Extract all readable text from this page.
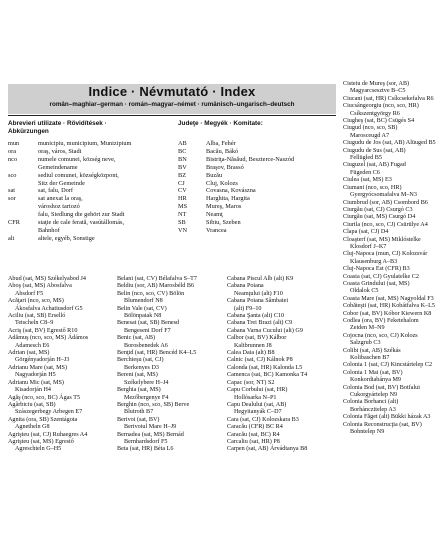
Indice · Névmutató · Index
român–maghiar–german · román–magyar–német · rumänisch–ungarisch–deutsch
Abrevieri utilizate · Rövidítések ·
Abkürzungen
mun	municipiu, municipium, Munizipium
ora	oraş, város, Stadt
nco	numele comunei, község neve,
Gemeindename
sco	sediul comunei, községközpont,
Sitz der Gemeinde
sat	sat, falu, Dorf
sor	sat anexat la oraş,
városhoz tartozó
falu, Siedlung die gehört zur Stadt
CFR	staţie de cale ferată, vasútállomás,
Bahnhof
alt	altele, egyéb, Sonstige
Judeţe · Megyék · Komitate:
AB	Alba, Fehér
BC	Bacău, Bákó
BN	Bistriţa-Năsăud, Beszterce-Naszód
BV	Braşov, Brassó
BZ	Buzău
CJ	Cluj, Kolozs
CV	Covasna, Kovászna
HR	Harghita, Hargita
MS	Mureş, Maros
NT	Neamţ
SB	Sibiu, Szeben
VN	Vrancea
Abud (sat, MS) Székelyabod J4
Aboş (sat, MS) Abosfalva
Absdorf F5
Acăţari (nco, sco, MS)
Ákosfalva Achatiusdorf G5
Aciliu (sat, SB) Erselló
Tetscheln C8–9
Acriş (sat, BV) Egrestő R10
Adămuş (nco, sco, MS) Ádámos
Adamesch E6
Adrian (sat, MS)
Görgényadorján H–J3
Adrianu Mare (sat, MS)
Nagyadorján H5
Adrianu Mic (sat, MS)
Kisadorján H4
Agăş (nco, sco, BC) Ágas T5
Agârbiciu (sat, SB)
Szászegerbegy Arbegen E7
Agnita (ora, SB) Szentágota
Agnetheln G8
Agrişteu (sat, CJ) Ruhaegres A4
Agrişteu (sat, MS) Egrestő
Agreschteln G–H5
Belani (sat, CV) Bélafalva S–T7
Beldiu (sor, AB) Marosbéld B6
Belin (nco, sco, CV) Bölön
Blumendorf N8
Belin Vale (sat, CV)
Bölönpatak N8
Benesat (sat, SB) Benesd
Bengeseni Dorf F7
Benic (sat, AB)
Borosbenedek A6
Benţid (sat, HR) Bencéd K4–L5
Berchieşu (sat, CJ)
Berkenyes D3
Bereni (sat, MS)
Székelybere H–J4
Berghia (sat, MS)
Mezőbergenye F4
Berghin (nco, sco, SB) Berve
Blutroth B7
Berivoi (sat, BV)
Berivoiul Mare H–J9
Bernadea (sat, MS) Bernád
Bernhardsdorf F5
Beta (sat, HR) Béta L6
Cabana Piscul Alb (alt) K9
Cabana Poiana
Neamţului (alt) F10
Cabana Poiana Sâmbatei
(alt) F9–10
Cabana Şanta (alt) C10
Cabana Trei Brazi (alt) C9
Cabana Varna Cucului (alt) G9
Calbor (sat, BV) Kálbor
Kaltbrunnen J8
Calea Daia (alt) B8
Calnic (sat, CJ) Kálnok P8
Calonda (sat, HR) Kalonda L5
Camenca (sat, BC) Kamonka T4
Capac (sor, NT) S2
Capu Corbului (sat, HR)
Hollósarka N–P1
Capu Dealului (sat, AB)
Hegyitanyák C–D7
Cara (sat, CJ) Kolozskara B3
Caracău (CFR) BC R4
Caracău (sat, BC) R4
Carcaliu (sat, HR) P8
Carpen (sat, AB) Árvádtanya B8
Cisteiu de Mureş (sor, AB)
Magyarcsesztve B–C5
Ciucani (sat, HR) Csíkcsekefalva R6
Ciucsângeorgiu (nco, sco, HR)
Csíkszentgyörgy R6
Ciugheş (sat, BC) Csügés S4
Ciugud (nco, sco, SB)
Marosceugd A7
Ciugudu de Jos (sat, AB) Alüuged B5
Ciugudu de Sus (sat, AB)
Fellügled B5
Ciuguzel (sat, AB) Fugad
Fügeden C6
Ciulea (sat, MS) E3
Ciumani (nco, sco, HR)
Gyergyócsomafalva M–N3
Ciumbrud (sor, AB) Csombord B6
Ciurgău (sat, CJ) Csurgó C3
Ciurgău (sat, MS) Csurgó D4
Ciurila (nco, sco, CJ) Csürülye A4
Clapa (sat, CJ) D4
Cloaşterf (sat, MS) Miklóstelke
Klosdorf J–K7
Cluj-Napoca (mun, CJ) Kolozsvár
Klausenburg A–B3
Cluj-Napoca Est (CFR) B3
Coasta (sat, CJ) Gyulatelke C2
Coasta Grindului (sat, MS)
Oldalok C5
Coasta Mare (sat, MS) Nagyoldal F3
Cobăteşti (sat, HR) Kobátfalva K–L5
Cobor (sat, BV) Kóbor Kiewern K8
Codlea (ora, BV) Feketehalom
Zeiden M–N9
Cojocna (nco, sco, CJ) Kolozs
Salzgrub C3
Colibi (sat, AB) Székás
Kolibaschen B7
Colonia 1 (sat, CJ) Kincstártelep C2
Colonia 1 Mai (sat, BV)
Konkordiabánya M9
Colonia Bod (sat, BV) Botfalui
Cukorgyártelep N9
Colonia Borhanci (alt)
Borhánczitelep A3
Colonia Făget (alt) Bükki házak A3
Colonia Reconstrucţia (sat, BV)
Bohntelep N9
